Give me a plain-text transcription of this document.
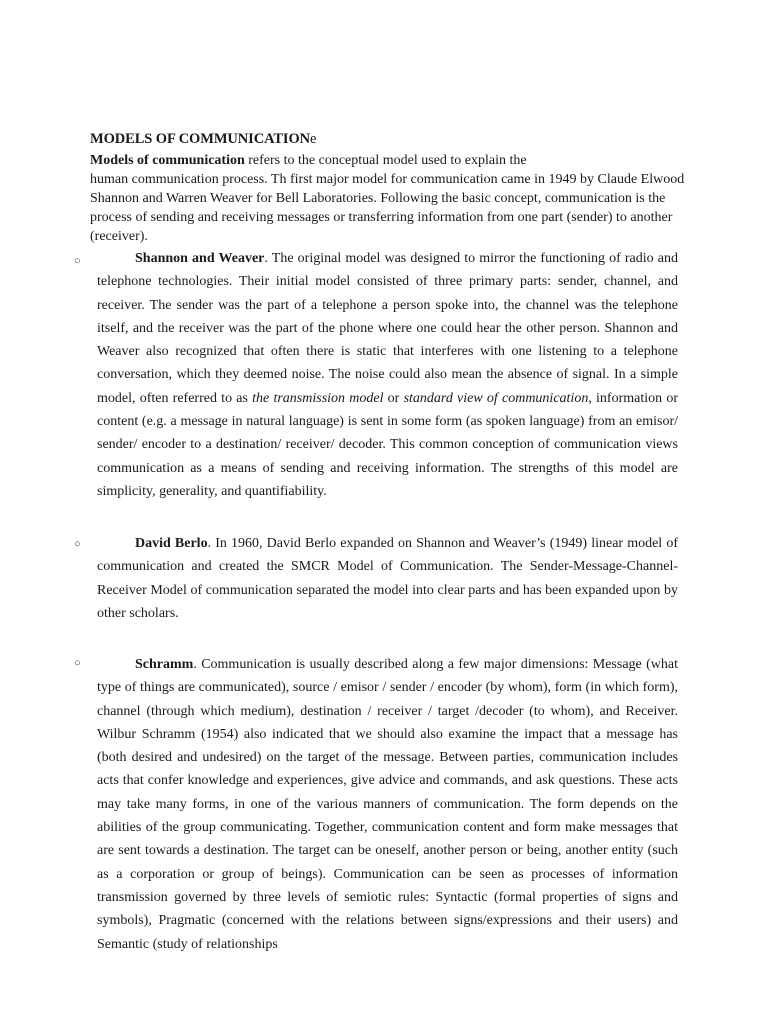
MODELS OF COMMUNICATIONe
Models of communication refers to the conceptual model used to explain the
human communication process. Th first major model for communication came in 1949 by Claude Elwood
Shannon and Warren Weaver for Bell Laboratories. Following the basic concept, communication is the
process of sending and receiving messages or transferring information from one part (sender) to another
(receiver).
○	Shannon and Weaver. The original model was designed to mirror the functioning of radio and telephone technologies. Their initial model consisted of three primary parts: sender, channel, and receiver. The sender was the part of a telephone a person spoke into, the channel was the telephone itself, and the receiver was the part of the phone where one could hear the other person. Shannon and Weaver also recognized that often there is static that interferes with one listening to a telephone conversation, which they deemed noise. The noise could also mean the absence of signal. In a simple model, often referred to as the transmission model or standard view of communication, information or content (e.g. a message in natural language) is sent in some form (as spoken language) from an emisor/ sender/ encoder to a destination/ receiver/ decoder. This common conception of communication views communication as a means of sending and receiving information. The strengths of this model are simplicity, generality, and quantifiability.
○	David Berlo. In 1960, David Berlo expanded on Shannon and Weaver’s (1949) linear model of communication and created the SMCR Model of Communication. The Sender-Message-Channel-Receiver Model of communication separated the model into clear parts and has been expanded upon by other scholars.
○	Schramm. Communication is usually described along a few major dimensions: Message (what type of things are communicated), source / emisor / sender / encoder (by whom), form (in which form), channel (through which medium), destination / receiver / target /decoder (to whom), and Receiver. Wilbur Schramm (1954) also indicated that we should also examine the impact that a message has (both desired and undesired) on the target of the message. Between parties, communication includes acts that confer knowledge and experiences, give advice and commands, and ask questions. These acts may take many forms, in one of the various manners of communication. The form depends on the abilities of the group communicating. Together, communication content and form make messages that are sent towards a destination. The target can be oneself, another person or being, another entity (such as a corporation or group of beings). Communication can be seen as processes of information transmission governed by three levels of semiotic rules: Syntactic (formal properties of signs and symbols), Pragmatic (concerned with the relations between signs/expressions and their users) and Semantic (study of relationships
